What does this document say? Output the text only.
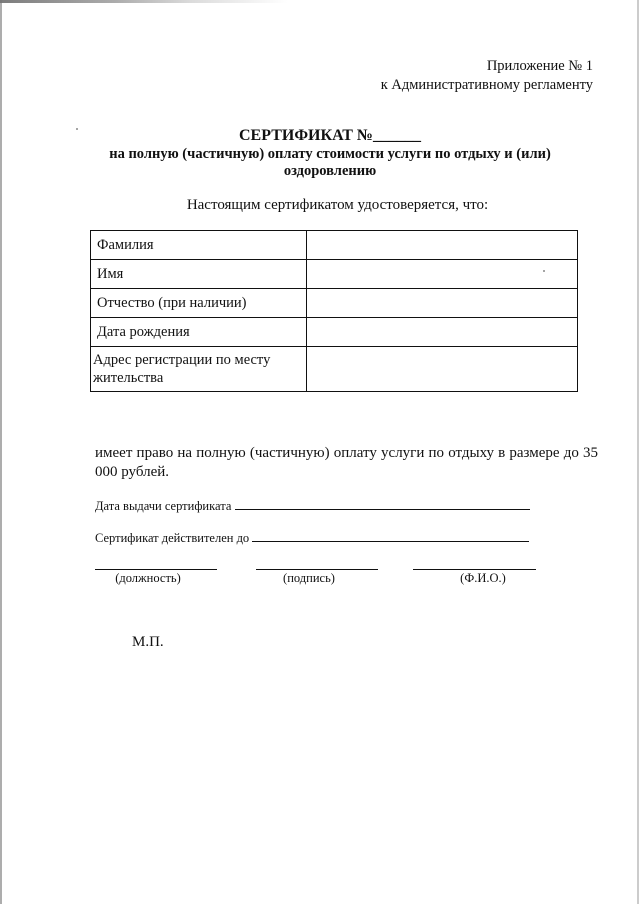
Приложение № 1
к Административному регламенту
СЕРТИФИКАТ №______
на полную (частичную) оплату стоимости услуги по отдыху и (или) оздоровлению
Настоящим сертификатом удостоверяется, что:
Фамилия	
Имя	
Отчество (при наличии)	
Дата рождения	
Адрес регистрации по месту жительства	
имеет право на полную (частичную) оплату услуги по отдыху в размере до 35 000 рублей.
Дата выдачи сертификата
Сертификат действителен до
(должность)	(подпись)	(Ф.И.О.)
М.П.
